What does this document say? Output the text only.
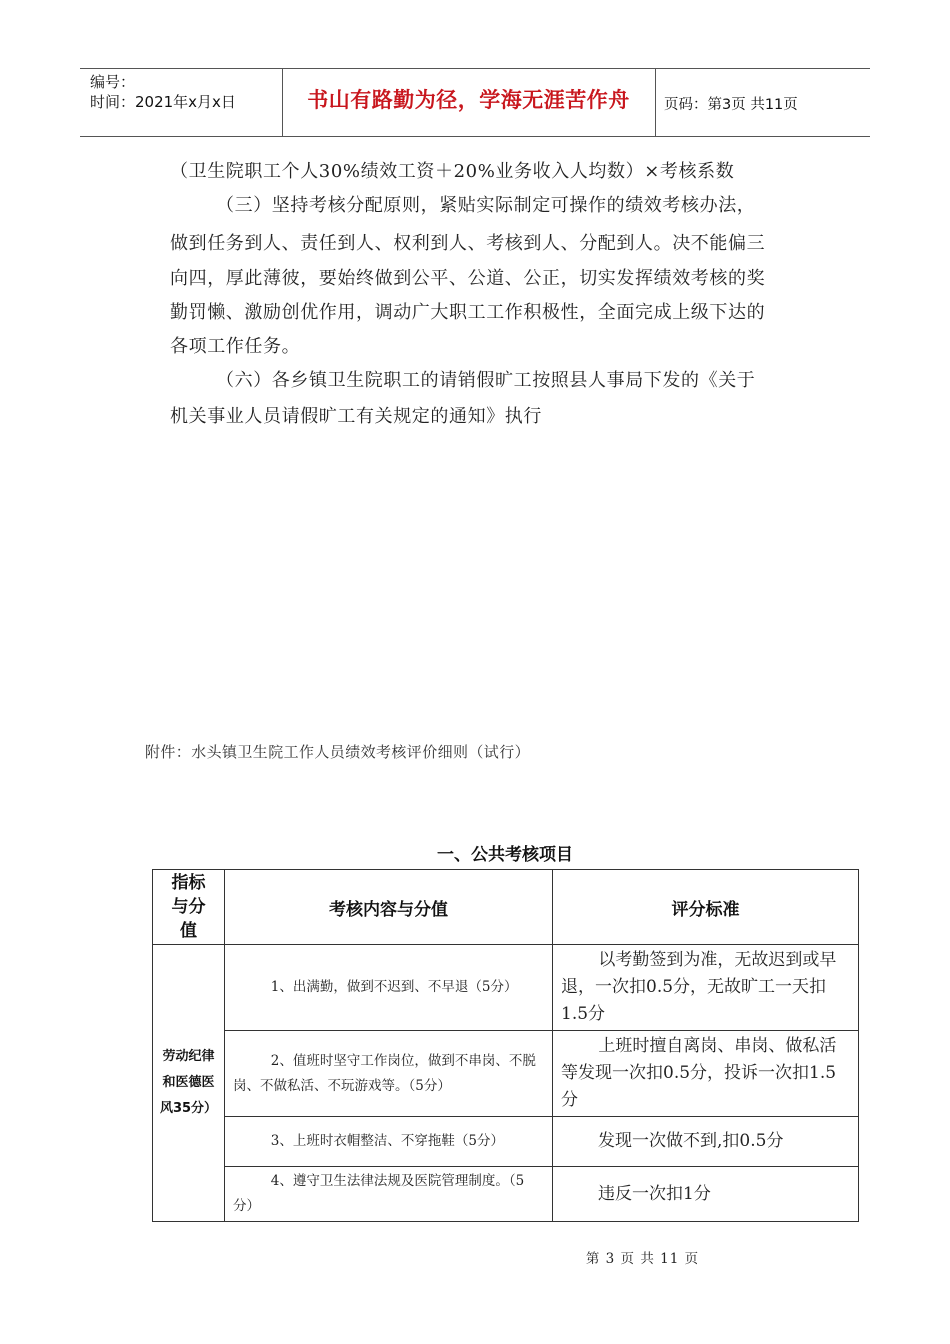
编号：
时间：2021年x月x日	书山有路勤为径，学海无涯苦作舟	页码：第3页 共11页
（卫生院职工个人30%绩效工资＋20%业务收入人均数）×考核系数
（三）坚持考核分配原则，紧贴实际制定可操作的绩效考核办法，
做到任务到人、责任到人、权利到人、考核到人、分配到人。决不能偏三
向四，厚此薄彼，要始终做到公平、公道、公正，切实发挥绩效考核的奖
勤罚懒、激励创优作用，调动广大职工工作积极性，全面完成上级下达的
各项工作任务。
（六）各乡镇卫生院职工的请销假旷工按照县人事局下发的《关于
机关事业人员请假旷工有关规定的通知》执行
附件：水头镇卫生院工作人员绩效考核评价细则（试行）
一、公共考核项目
指标与分值	考核内容与分值	评分标准
劳动纪律和医德医风35分）	1、出满勤，做到不迟到、不早退（5分）	以考勤签到为准，无故迟到或早退，一次扣0.5分，无故旷工一天扣1.5分
	2、值班时坚守工作岗位，做到不串岗、不脱岗、不做私活、不玩游戏等。（5分）	上班时擅自离岗、串岗、做私活等发现一次扣0.5分，投诉一次扣1.5分
	3、上班时衣帽整洁、不穿拖鞋（5分）	发现一次做不到,扣0.5分
	4、遵守卫生法律法规及医院管理制度。（5分）	违反一次扣1分
第 3 页 共 11 页
